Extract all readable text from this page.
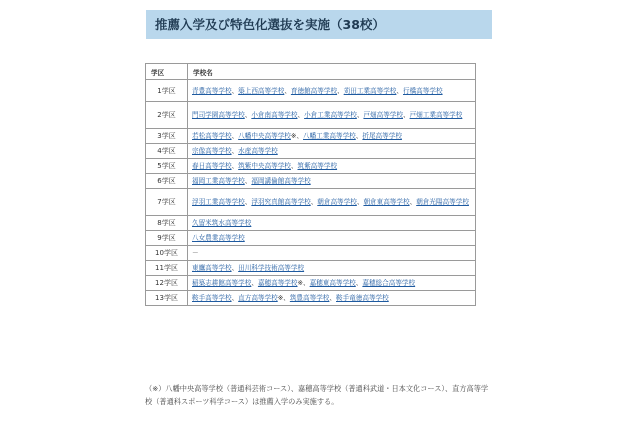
推薦入学及び特色化選抜を実施（38校）
学区	学校名
1学区	青豊高等学校、築上西高等学校、育徳館高等学校、苅田工業高等学校、行橋高等学校
2学区	門司学園高等学校、小倉南高等学校、小倉工業高等学校、戸畑高等学校、戸畑工業高等学校
3学区	若松高等学校、八幡中央高等学校※、八幡工業高等学校、折尾高等学校
4学区	宗像高等学校、水産高等学校
5学区	春日高等学校、筑紫中央高等学校、筑紫高等学校
6学区	福岡工業高等学校、福岡講倫館高等学校
7学区	浮羽工業高等学校、浮羽究真館高等学校、朝倉高等学校、朝倉東高等学校、朝倉光陽高等学校
8学区	久留米筑水高等学校
9学区	八女農業高等学校
10学区	－
11学区	東鷹高等学校、田川科学技術高等学校
12学区	稲築志耕館高等学校、嘉穂高等学校※、嘉穂東高等学校、嘉穂総合高等学校
13学区	鞍手高等学校、直方高等学校※、筑豊高等学校、鞍手竜徳高等学校
（※）八幡中央高等学校（普通科芸術コース）、嘉穂高等学校（普通科武道・日本文化コース）、直方高等学校（普通科スポーツ科学コース）は推薦入学のみ実施する。
